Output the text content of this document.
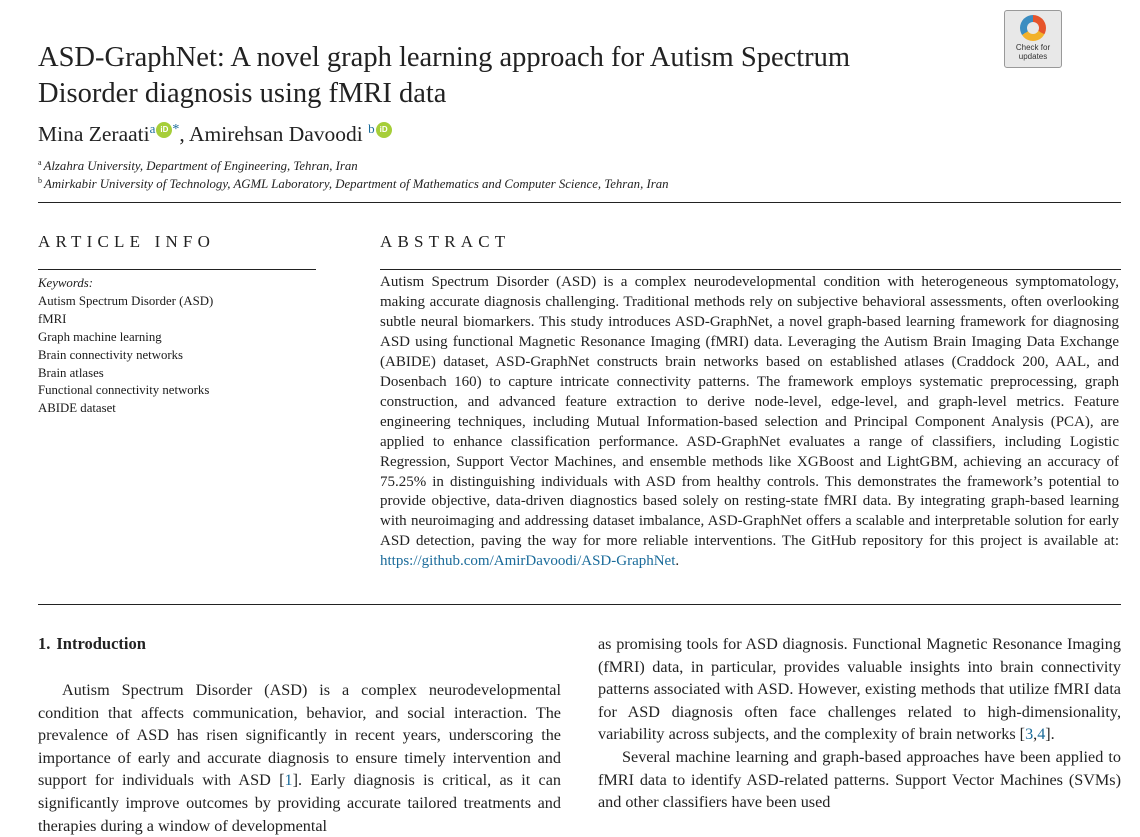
Check for
updates
ASD-GraphNet: A novel graph learning approach for Autism Spectrum Disorder diagnosis using fMRI data
Mina Zeraati$^a$ iD *, Amirehsan Davoodi $^b$ iD
$^a$ Alzahra University, Department of Engineering, Tehran, Iran
$^b$ Amirkabir University of Technology, AGML Laboratory, Department of Mathematics and Computer Science, Tehran, Iran
ARTICLE INFO	ABSTRACT
Keywords:
Autism Spectrum Disorder (ASD)
fMRI
Graph machine learning
Brain connectivity networks
Brain atlases
Functional connectivity networks
ABIDE dataset
Autism Spectrum Disorder (ASD) is a complex neurodevelopmental condition with heterogeneous symptomatology, making accurate diagnosis challenging. Traditional methods rely on subjective behavioral assessments, often overlooking subtle neural biomarkers. This study introduces ASD-GraphNet, a novel graph-based learning framework for diagnosing ASD using functional Magnetic Resonance Imaging (fMRI) data. Leveraging the Autism Brain Imaging Data Exchange (ABIDE) dataset, ASD-GraphNet constructs brain networks based on established atlases (Craddock 200, AAL, and Dosenbach 160) to capture intricate connectivity patterns. The framework employs systematic preprocessing, graph construction, and advanced feature extraction to derive node-level, edge-level, and graph-level metrics. Feature engineering techniques, including Mutual Information-based selection and Principal Component Analysis (PCA), are applied to enhance classification performance. ASD-GraphNet evaluates a range of classifiers, including Logistic Regression, Support Vector Machines, and ensemble methods like XGBoost and LightGBM, achieving an accuracy of 75.25% in distinguishing individuals with ASD from healthy controls. This demonstrates the framework’s potential to provide objective, data-driven diagnostics based solely on resting-state fMRI data. By integrating graph-based learning with neuroimaging and addressing dataset imbalance, ASD-GraphNet offers a scalable and interpretable solution for early ASD detection, paving the way for more reliable interventions. The GitHub repository for this project is available at: https://github.com/AmirDavoodi/ASD-GraphNet.
1. Introduction
Autism Spectrum Disorder (ASD) is a complex neurodevelopmental condition that affects communication, behavior, and social interaction. The prevalence of ASD has risen significantly in recent years, underscoring the importance of early and accurate diagnosis to ensure timely intervention and support for individuals with ASD [1]. Early diagnosis is critical, as it can significantly improve outcomes by providing accurate tailored treatments and therapies during a window of developmental
as promising tools for ASD diagnosis. Functional Magnetic Resonance Imaging (fMRI) data, in particular, provides valuable insights into brain connectivity patterns associated with ASD. However, existing methods that utilize fMRI data for ASD diagnosis often face challenges related to high-dimensionality, variability across subjects, and the complexity of brain networks [3,4].
Several machine learning and graph-based approaches have been applied to fMRI data to identify ASD-related patterns. Support Vector Machines (SVMs) and other classifiers have been used
